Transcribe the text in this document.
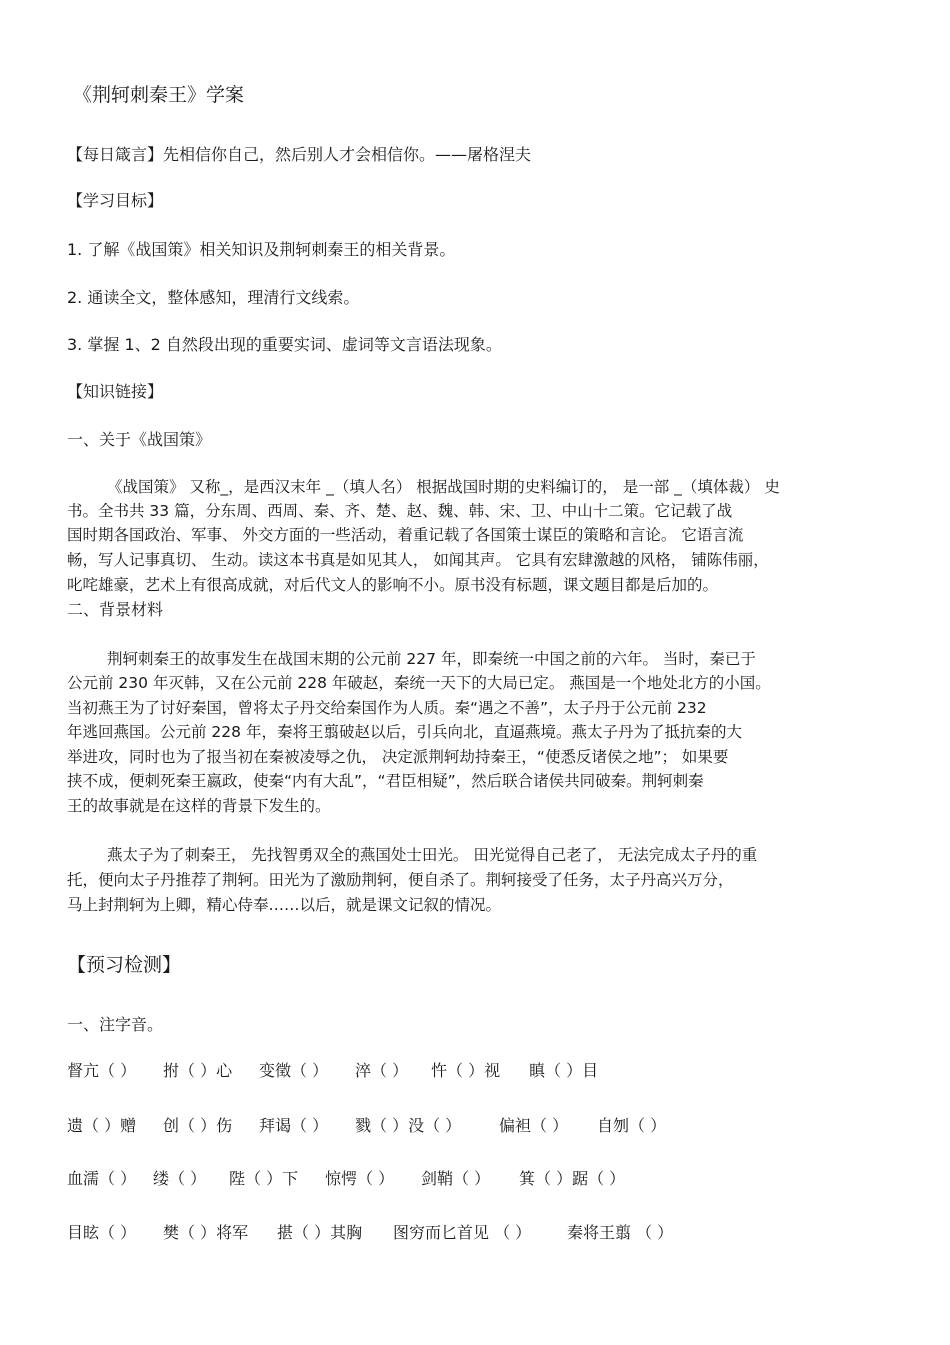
《荆轲刺秦王》学案
【每日箴言】先相信你自己，然后别人才会相信你。——屠格涅夫
【学习目标】
1. 了解《战国策》相关知识及荆轲刺秦王的相关背景。
2. 通读全文，整体感知，理清行文线索。
3. 掌握 1、2 自然段出现的重要实词、虚词等文言语法现象。
【知识链接】
一、关于《战国策》
《战国策》 又称_，是西汉末年 _（填人名） 根据战国时期的史料编订的， 是一部 _（填体裁） 史
书。全书共 33 篇，分东周、西周、秦、齐、楚、赵、魏、韩、宋、卫、中山十二策。它记载了战
国时期各国政治、军事、 外交方面的一些活动，着重记载了各国策士谋臣的策略和言论。 它语言流
畅，写人记事真切、 生动。读这本书真是如见其人， 如闻其声。 它具有宏肆激越的风格， 铺陈伟丽，
叱咤雄豪，艺术上有很高成就，对后代文人的影响不小。原书没有标题，课文题目都是后加的。
二、背景材料
荆轲刺秦王的故事发生在战国末期的公元前 227 年，即秦统一中国之前的六年。 当时，秦已于
公元前 230 年灭韩，又在公元前 228 年破赵，秦统一天下的大局已定。 燕国是一个地处北方的小国。
当初燕王为了讨好秦国，曾将太子丹交给秦国作为人质。秦“遇之不善”，太子丹于公元前 232
年逃回燕国。公元前 228 年，秦将王翦破赵以后，引兵向北，直逼燕境。燕太子丹为了抵抗秦的大
举进攻，同时也为了报当初在秦被凌辱之仇， 决定派荆轲劫持秦王，“使悉反诸侯之地”； 如果要
挟不成，便刺死秦王嬴政，使秦“内有大乱”，“君臣相疑”，然后联合诸侯共同破秦。荆轲刺秦
王的故事就是在这样的背景下发生的。
燕太子为了刺秦王， 先找智勇双全的燕国处士田光。 田光觉得自己老了， 无法完成太子丹的重
托，便向太子丹推荐了荆轲。田光为了激励荆轲，便自杀了。荆轲接受了任务，太子丹高兴万分，
马上封荆轲为上卿，精心侍奉……以后，就是课文记叙的情况。
【预习检测】
一、注字音。
督亢（ ） 拊（ ）心 变徵（ ） 淬（ ） 忤（ ）视 瞋（ ）目
遗（ ）赠 创（ ）伤 拜谒（ ） 戮（ ）没（ ） 偏袒（ ） 自刎（ ）
血濡（ ） 缕（ ） 陛（ ）下 惊愕（ ） 剑鞘（ ） 箕（ ）踞（ ）
目眩（ ） 樊（ ）将军 揕（ ）其胸 图穷而匕首见 （ ） 秦将王翦 （ ）
